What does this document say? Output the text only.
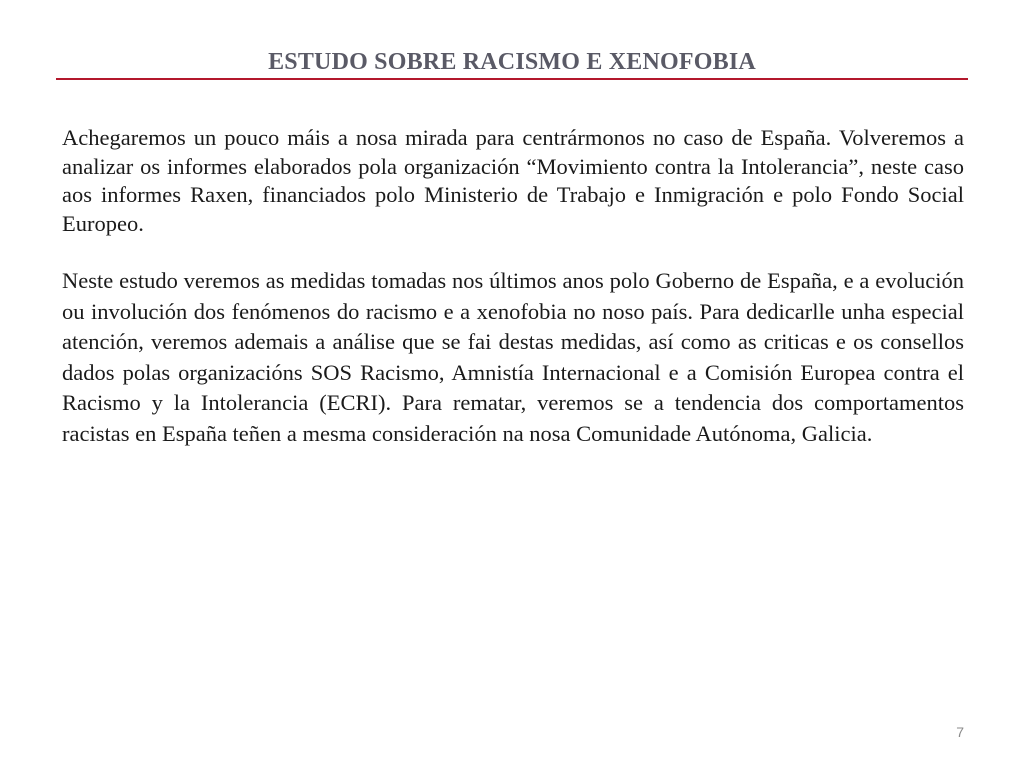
ESTUDO SOBRE RACISMO E XENOFOBIA

Achegaremos un pouco máis a nosa mirada para centrármonos no caso de España. Volveremos a analizar os informes elaborados pola organización “Movimiento contra la Intolerancia”, neste caso aos informes Raxen, financiados polo Ministerio de Trabajo e Inmigración e polo Fondo Social Europeo.

Neste estudo veremos as medidas tomadas nos últimos anos polo Goberno de España, e a evolución ou involución dos fenómenos do racismo e a xenofobia no noso país. Para dedicarlle unha especial atención, veremos ademais a análise que se fai destas medidas, así como as criticas e os consellos dados polas organizacións SOS Racismo, Amnistía Internacional e a Comisión Europea contra el Racismo y la Intolerancia (ECRI). Para rematar, veremos se a tendencia dos comportamentos racistas en España teñen a mesma consideración na nosa Comunidade Autónoma, Galicia.

7
